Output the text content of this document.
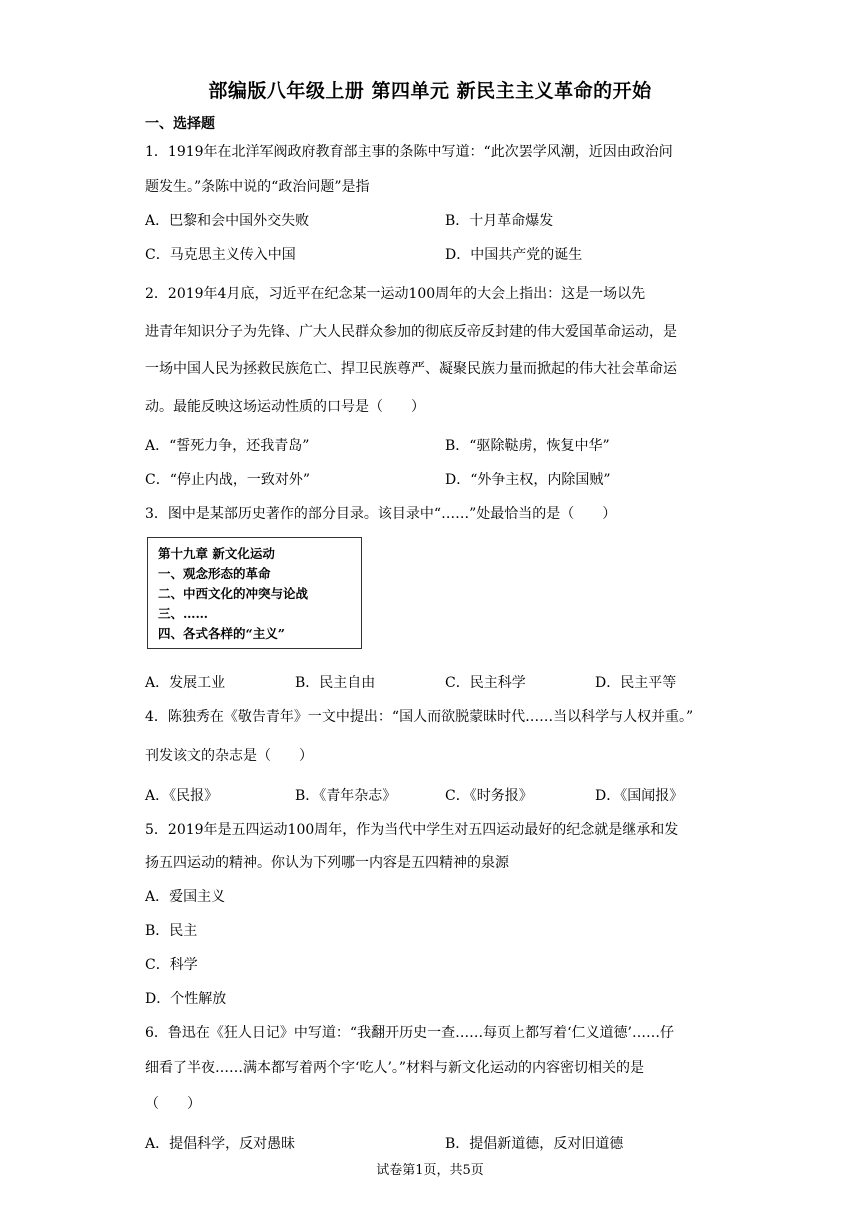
部编版八年级上册 第四单元 新民主主义革命的开始
一、选择题
1．1919年在北洋军阀政府教育部主事的条陈中写道：“此次罢学风潮，近因由政治问
题发生。”条陈中说的“政治问题”是指
A．巴黎和会中国外交失败	B．十月革命爆发
C．马克思主义传入中国	D．中国共产党的诞生
2．2019年4月底，习近平在纪念某一运动100周年的大会上指出：这是一场以先
进青年知识分子为先锋、广大人民群众参加的彻底反帝反封建的伟大爱国革命运动，是
一场中国人民为拯救民族危亡、捍卫民族尊严、凝聚民族力量而掀起的伟大社会革命运
动。最能反映这场运动性质的口号是（　　）
A．“誓死力争，还我青岛”	B．“驱除鞑虏，恢复中华”
C．“停止内战，一致对外”	D．“外争主权，内除国贼”
3．图中是某部历史著作的部分目录。该目录中“……”处最恰当的是（　　）
第十九章 新文化运动
一、观念形态的革命
二、中西文化的冲突与论战
三、……
四、各式各样的“主义”
A．发展工业	B．民主自由	C．民主科学	D．民主平等
4．陈独秀在《敬告青年》一文中提出：“国人而欲脱蒙昧时代……当以科学与人权并重。”
刊发该文的杂志是（　　）
A．《民报》	B．《青年杂志》	C．《时务报》	D．《国闻报》
5．2019年是五四运动100周年，作为当代中学生对五四运动最好的纪念就是继承和发
扬五四运动的精神。你认为下列哪一内容是五四精神的泉源
A．爱国主义
B．民主
C．科学
D．个性解放
6．鲁迅在《狂人日记》中写道：“我翻开历史一查……每页上都写着‘仁义道德’……仔
细看了半夜……满本都写着两个字‘吃人’。”材料与新文化运动的内容密切相关的是
（　　）
A．提倡科学，反对愚昧	B．提倡新道德，反对旧道德
试卷第1页，共5页
